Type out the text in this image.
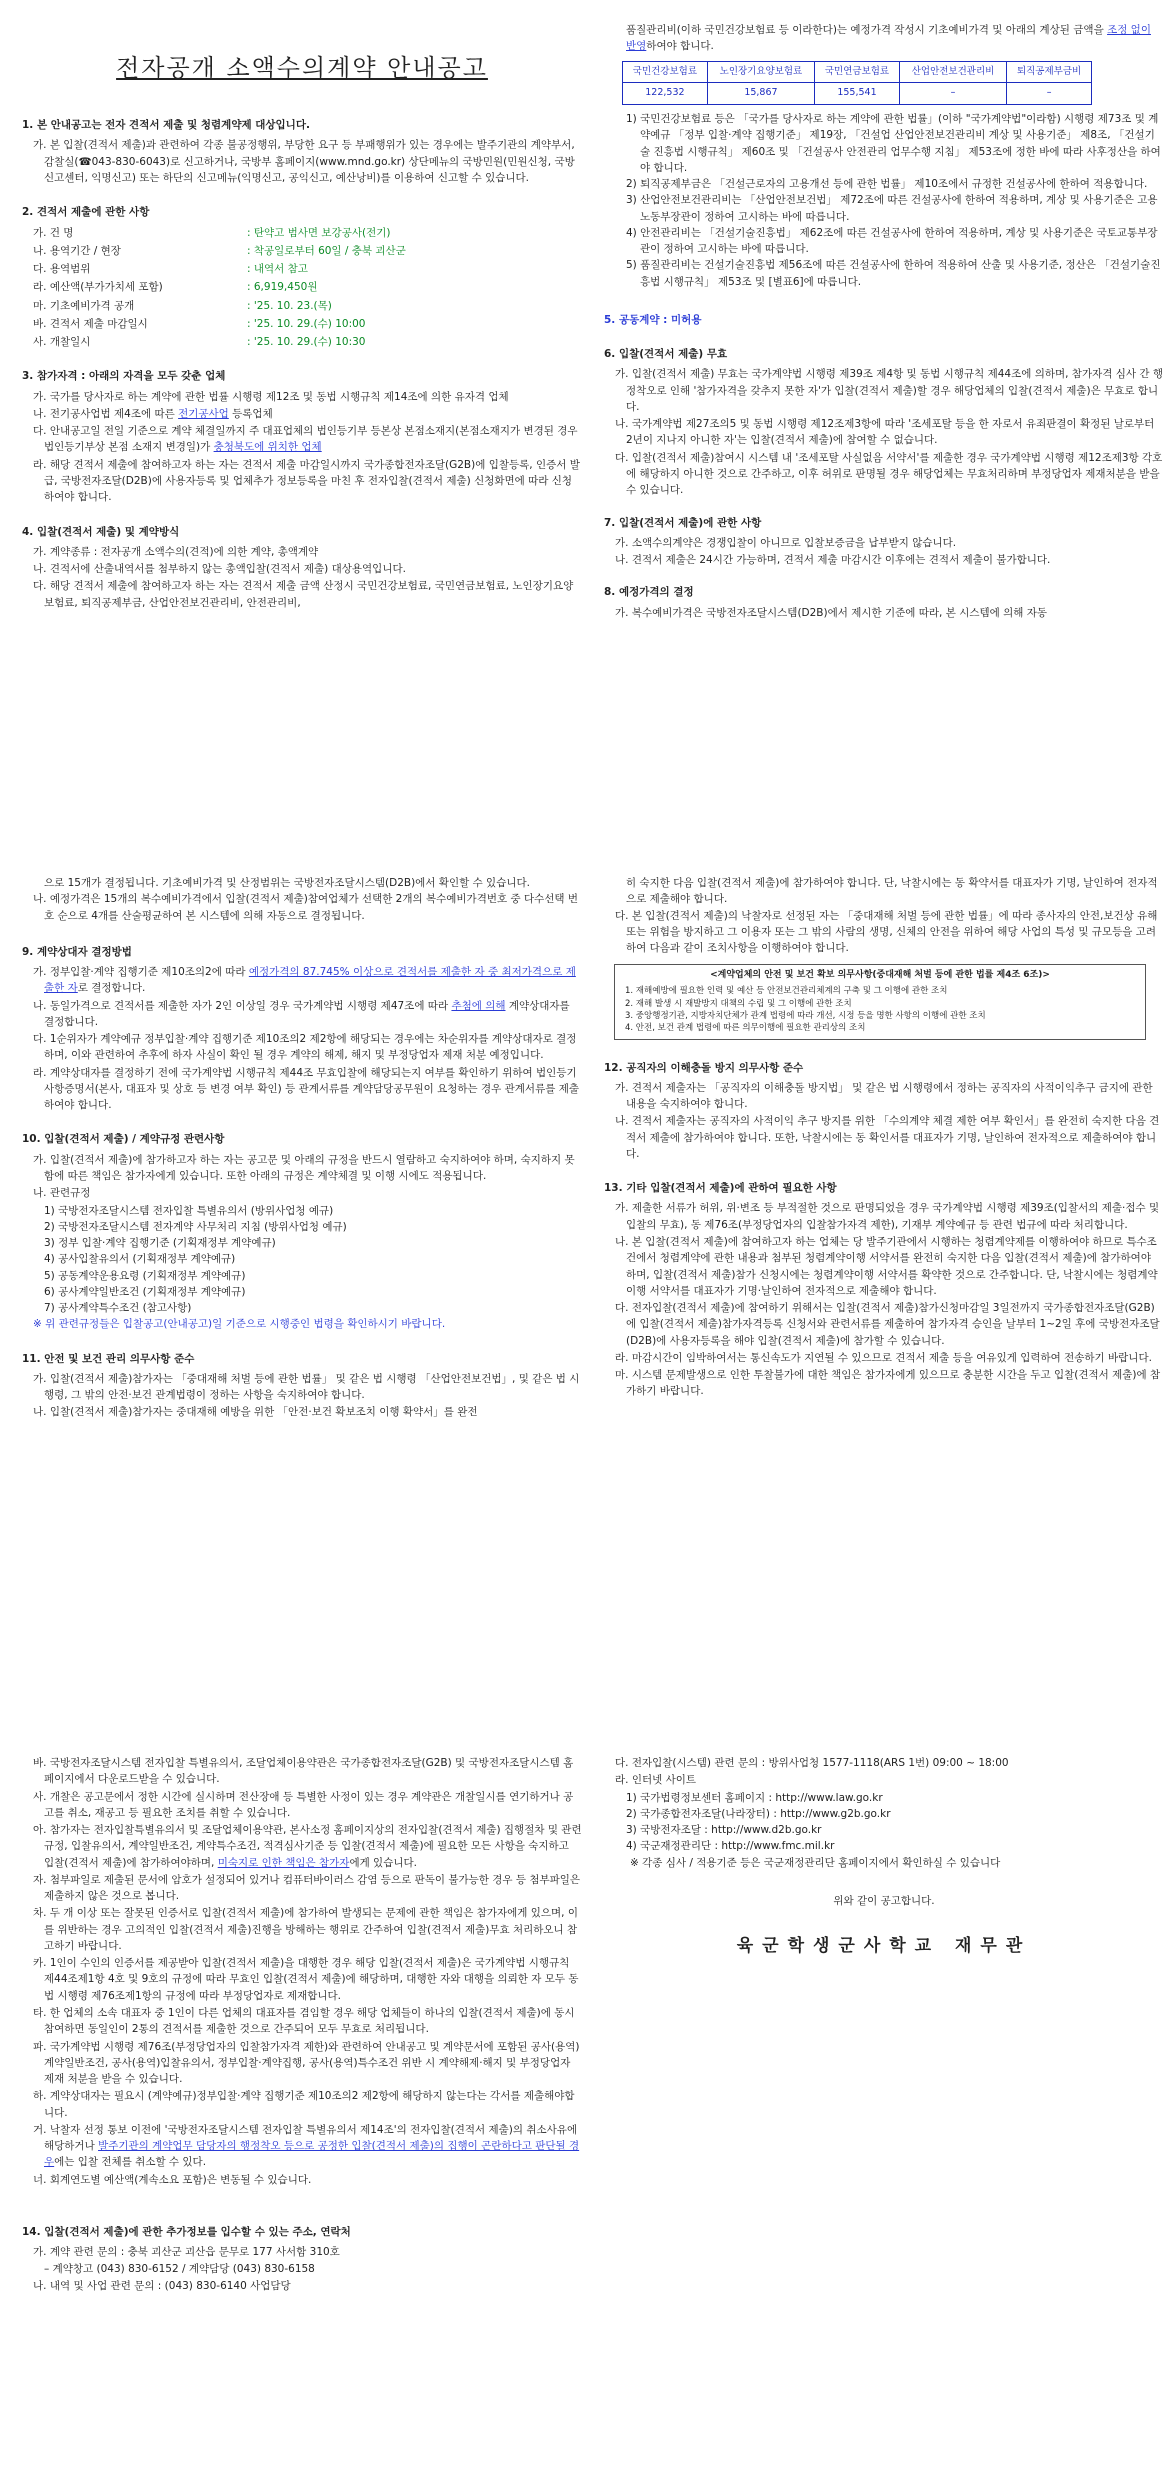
전자공개 소액수의계약 안내공고
1. 본 안내공고는 전자 견적서 제출 및 청렴계약제 대상입니다.
가. 본 입찰(견적서 제출)과 관련하여 각종 불공정행위, 부당한 요구 등 부패행위가 있는 경우에는 발주기관의 계약부서, 감찰실(☎043-830-6043)로 신고하거나, 국방부 홈페이지(www.mnd.go.kr) 상단메뉴의 국방민원(민원신청, 국방신고센터, 익명신고) 또는 하단의 신고메뉴(익명신고, 공익신고, 예산낭비)를 이용하여 신고할 수 있습니다.
2. 견적서 제출에 관한 사항
가. 건 명	: 탄약고 범사면 보강공사(전기)
나. 용역기간 / 현장	: 착공일로부터 60일 / 충북 괴산군
다. 용역범위	: 내역서 참고
라. 예산액(부가가치세 포함)	: 6,919,450원
마. 기초예비가격 공개	: '25. 10. 23.(목)
바. 견적서 제출 마감일시	: '25. 10. 29.(수) 10:00
사. 개찰일시	: '25. 10. 29.(수) 10:30
3. 참가자격 : 아래의 자격을 모두 갖춘 업체
가. 국가를 당사자로 하는 계약에 관한 법률 시행령 제12조 및 동법 시행규칙 제14조에 의한 유자격 업체
나. 전기공사업법 제4조에 따른 전기공사업 등록업체
다. 안내공고일 전일 기준으로 계약 체결일까지 주 대표업체의 법인등기부 등본상 본점소재지(본점소재지가 변경된 경우 법인등기부상 본점 소재지 변경일)가 충청북도에 위치한 업체
라. 해당 견적서 제출에 참여하고자 하는 자는 견적서 제출 마감일시까지 국가종합전자조달(G2B)에 입찰등록, 인증서 발급, 국방전자조달(D2B)에 사용자등록 및 업체추가 정보등록을 마친 후 전자입찰(견적서 제출) 신청화면에 따라 신청하여야 합니다.
4. 입찰(견적서 제출) 및 계약방식
가. 계약종류 : 전자공개 소액수의(견적)에 의한 계약, 총액계약
나. 견적서에 산출내역서를 첨부하지 않는 총액입찰(견적서 제출) 대상용역입니다.
다. 해당 견적서 제출에 참여하고자 하는 자는 견적서 제출 금액 산정시 국민건강보험료, 국민연금보험료, 노인장기요양보험료, 퇴직공제부금, 산업안전보건관리비, 안전관리비,
품질관리비(이하 국민건강보험료 등 이라한다)는 예정가격 작성시 기초예비가격 및 아래의 계상된 금액을 조정 없이 반영하여야 합니다.
국민건강보험료	노인장기요양보험료	국민연금보험료	산업안전보건관리비	퇴직공제부금비
122,532	15,867	155,541	–	–
1) 국민건강보험료 등은 「국가를 당사자로 하는 계약에 관한 법률」(이하 "국가계약법"이라함) 시행령 제73조 및 계약예규 「정부 입찰·계약 집행기준」 제19장, 「건설업 산업안전보건관리비 계상 및 사용기준」 제8조, 「건설기술 진흥법 시행규칙」 제60조 및 「건설공사 안전관리 업무수행 지침」 제53조에 정한 바에 따라 사후정산을 하여야 합니다.
2) 퇴직공제부금은 「건설근로자의 고용개선 등에 관한 법률」 제10조에서 규정한 건설공사에 한하여 적용합니다.
3) 산업안전보건관리비는 「산업안전보건법」 제72조에 따른 건설공사에 한하여 적용하며, 계상 및 사용기준은 고용노동부장관이 정하여 고시하는 바에 따릅니다.
4) 안전관리비는 「건설기술진흥법」 제62조에 따른 건설공사에 한하여 적용하며, 계상 및 사용기준은 국토교통부장관이 정하여 고시하는 바에 따릅니다.
5) 품질관리비는 건설기술진흥법 제56조에 따른 건설공사에 한하여 적용하여 산출 및 사용기준, 정산은 「건설기술진흥법 시행규칙」 제53조 및 [별표6]에 따릅니다.
5. 공동계약 : 미허용
6. 입찰(견적서 제출) 무효
가. 입찰(견적서 제출) 무효는 국가계약법 시행령 제39조 제4항 및 동법 시행규칙 제44조에 의하며, 참가자격 심사 간 행정착오로 인해 '참가자격을 갖추지 못한 자'가 입찰(견적서 제출)할 경우 해당업체의 입찰(견적서 제출)은 무효로 합니다.
나. 국가계약법 제27조의5 및 동법 시행령 제12조제3항에 따라 '조세포탈 등을 한 자로서 유죄판결이 확정된 날로부터 2년이 지나지 아니한 자'는 입찰(견적서 제출)에 참여할 수 없습니다.
다. 입찰(견적서 제출)참여시 시스템 내 '조세포탈 사실없음 서약서'를 제출한 경우 국가계약법 시행령 제12조제3항 각호에 해당하지 아니한 것으로 간주하고, 이후 허위로 판명될 경우 해당업체는 무효처리하며 부정당업자 제재처분을 받을 수 있습니다.
7. 입찰(견적서 제출)에 관한 사항
가. 소액수의계약은 경쟁입찰이 아니므로 입찰보증금을 납부받지 않습니다.
나. 견적서 제출은 24시간 가능하며, 견적서 제출 마감시간 이후에는 견적서 제출이 불가합니다.
8. 예정가격의 결정
가. 복수예비가격은 국방전자조달시스템(D2B)에서 제시한 기준에 따라, 본 시스템에 의해 자동
으로 15개가 결정됩니다. 기초예비가격 및 산정범위는 국방전자조달시스템(D2B)에서 확인할 수 있습니다.
나. 예정가격은 15개의 복수예비가격에서 입찰(견적서 제출)참여업체가 선택한 2개의 복수예비가격번호 중 다수선택 번호 순으로 4개를 산술평균하여 본 시스템에 의해 자동으로 결정됩니다.
9. 계약상대자 결정방법
가. 정부입찰·계약 집행기준 제10조의2에 따라 예정가격의 87.745% 이상으로 견적서를 제출한 자 중 최저가격으로 제출한 자로 결정합니다.
나. 동일가격으로 견적서를 제출한 자가 2인 이상일 경우 국가계약법 시행령 제47조에 따라 추첨에 의해 계약상대자를 결정합니다.
다. 1순위자가 계약예규 정부입찰·계약 집행기준 제10조의2 제2항에 해당되는 경우에는 차순위자를 계약상대자로 결정하며, 이와 관련하여 추후에 하자 사실이 확인 될 경우 계약의 해제, 해지 및 부정당업자 제재 처분 예정입니다.
라. 계약상대자를 결정하기 전에 국가계약법 시행규칙 제44조 무효입찰에 해당되는지 여부를 확인하기 위하여 법인등기사항증명서(본사, 대표자 및 상호 등 변경 여부 확인) 등 관계서류를 계약담당공무원이 요청하는 경우 관계서류를 제출하여야 합니다.
10. 입찰(견적서 제출) / 계약규정 관련사항
가. 입찰(견적서 제출)에 참가하고자 하는 자는 공고문 및 아래의 규정을 반드시 열람하고 숙지하여야 하며, 숙지하지 못함에 따른 책임은 참가자에게 있습니다. 또한 아래의 규정은 계약체결 및 이행 시에도 적용됩니다.
나. 관련규정
1) 국방전자조달시스템 전자입찰 특별유의서 (방위사업청 예규)
2) 국방전자조달시스템 전자계약 사무처리 지침 (방위사업청 예규)
3) 정부 입찰·계약 집행기준 (기획재정부 계약예규)
4) 공사입찰유의서 (기획재정부 계약예규)
5) 공동계약운용요령 (기획재정부 계약예규)
6) 공사계약일반조건 (기획재정부 계약예규)
7) 공사계약특수조건 (참고사항)
※ 위 관련규정들은 입찰공고(안내공고)일 기준으로 시행중인 법령을 확인하시기 바랍니다.
11. 안전 및 보건 관리 의무사항 준수
가. 입찰(견적서 제출)참가자는 「중대재해 처벌 등에 관한 법률」 및 같은 법 시행령 「산업안전보건법」, 및 같은 법 시행령, 그 밖의 안전·보건 관계법령이 정하는 사항을 숙지하여야 합니다.
나. 입찰(견적서 제출)참가자는 중대재해 예방을 위한 「안전·보건 확보조치 이행 확약서」를 완전
히 숙지한 다음 입찰(견적서 제출)에 참가하여야 합니다. 단, 낙찰시에는 동 확약서를 대표자가 기명, 날인하여 전자적으로 제출해야 합니다.
다. 본 입찰(견적서 제출)의 낙찰자로 선정된 자는 「중대재해 처벌 등에 관한 법률」에 따라 종사자의 안전,보건상 유해 또는 위험을 방지하고 그 이용자 또는 그 밖의 사람의 생명, 신체의 안전을 위하여 해당 사업의 특성 및 규모등을 고려하여 다음과 같이 조치사항을 이행하여야 합니다.
<계약업체의 안전 및 보건 확보 의무사항(중대재해 처벌 등에 관한 법률 제4조 6조)>
1. 재해예방에 필요한 인력 및 예산 등 안전보건관리체계의 구축 및 그 이행에 관한 조치
2. 재해 발생 시 재발방지 대책의 수립 및 그 이행에 관한 조치
3. 중앙행정기관, 지방자치단체가 관계 법령에 따라 개선, 시정 등을 명한 사항의 이행에 관한 조치
4. 안전, 보건 관계 법령에 따른 의무이행에 필요한 관리상의 조치
12. 공직자의 이해충돌 방지 의무사항 준수
가. 견적서 제출자는 「공직자의 이해충돌 방지법」 및 같은 법 시행령에서 정하는 공직자의 사적이익추구 금지에 관한 내용을 숙지하여야 합니다.
나. 견적서 제출자는 공직자의 사적이익 추구 방지를 위한 「수의계약 체결 제한 여부 확인서」를 완전히 숙지한 다음 견적서 제출에 참가하여야 합니다. 또한, 낙찰시에는 동 확인서를 대표자가 기명, 날인하여 전자적으로 제출하여야 합니다.
13. 기타 입찰(견적서 제출)에 관하여 필요한 사항
가. 제출한 서류가 허위, 위·변조 등 부적절한 것으로 판명되었을 경우 국가계약법 시행령 제39조(입찰서의 제출·접수 및 입찰의 무효), 동 제76조(부정당업자의 입찰참가자격 제한), 기재부 계약예규 등 관련 법규에 따라 처리합니다.
나. 본 입찰(견적서 제출)에 참여하고자 하는 업체는 당 발주기관에서 시행하는 청렴계약제를 이행하여야 하므로 특수조건에서 청렴계약에 관한 내용과 첨부된 청렴계약이행 서약서를 완전히 숙지한 다음 입찰(견적서 제출)에 참가하여야 하며, 입찰(견적서 제출)참가 신청시에는 청렴계약이행 서약서를 확약한 것으로 간주합니다. 단, 낙찰시에는 청렴계약이행 서약서를 대표자가 기명·날인하여 전자적으로 제출해야 합니다.
다. 전자입찰(견적서 제출)에 참여하기 위해서는 입찰(견적서 제출)참가신청마감일 3일전까지 국가종합전자조달(G2B)에 입찰(견적서 제출)참가자격등록 신청서와 관련서류를 제출하여 참가자격 승인을 날부터 1~2일 후에 국방전자조달(D2B)에 사용자등록을 해야 입찰(견적서 제출)에 참가할 수 있습니다.
라. 마감시간이 임박하여서는 통신속도가 지연될 수 있으므로 견적서 제출 등을 여유있게 입력하여 전송하기 바랍니다.
마. 시스템 문제발생으로 인한 투찰불가에 대한 책임은 참가자에게 있으므로 충분한 시간을 두고 입찰(견적서 제출)에 참가하기 바랍니다.
바. 국방전자조달시스템 전자입찰 특별유의서, 조달업체이용약관은 국가종합전자조달(G2B) 및 국방전자조달시스템 홈페이지에서 다운로드받을 수 있습니다.
사. 개찰은 공고문에서 정한 시간에 실시하며 전산장애 등 특별한 사정이 있는 경우 계약관은 개찰일시를 연기하거나 공고를 취소, 재공고 등 필요한 조치를 취할 수 있습니다.
아. 참가자는 전자입찰특별유의서 및 조달업체이용약관, 본사소정 홈페이지상의 전자입찰(견적서 제출) 집행절차 및 관련규정, 입찰유의서, 계약일반조건, 계약특수조건, 적격심사기준 등 입찰(견적서 제출)에 필요한 모든 사항을 숙지하고 입찰(견적서 제출)에 참가하여야하며, 미숙지로 인한 책임은 참가자에게 있습니다.
자. 첨부파일로 제출된 문서에 암호가 설정되어 있거나 컴퓨터바이러스 감염 등으로 판독이 불가능한 경우 등 첨부파일은 제출하지 않은 것으로 봅니다.
차. 두 개 이상 또는 잘못된 인증서로 입찰(견적서 제출)에 참가하여 발생되는 문제에 관한 책임은 참가자에게 있으며, 이를 위반하는 경우 고의적인 입찰(견적서 제출)진행을 방해하는 행위로 간주하여 입찰(견적서 제출)무효 처리하오니 참고하기 바랍니다.
카. 1인이 수인의 인증서를 제공받아 입찰(견적서 제출)을 대행한 경우 해당 입찰(견적서 제출)은 국가계약법 시행규칙 제44조제1항 4호 및 9호의 규정에 따라 무효인 입찰(견적서 제출)에 해당하며, 대행한 자와 대행을 의뢰한 자 모두 동법 시행령 제76조제1항의 규정에 따라 부정당업자로 제재합니다.
타. 한 업체의 소속 대표자 중 1인이 다른 업체의 대표자를 겸임할 경우 해당 업체들이 하나의 입찰(견적서 제출)에 동시 참여하면 동일인이 2통의 견적서를 제출한 것으로 간주되어 모두 무효로 처리됩니다.
파. 국가계약법 시행령 제76조(부정당업자의 입찰참가자격 제한)와 관련하여 안내공고 및 계약문서에 포함된 공사(용역)계약일반조건, 공사(용역)입찰유의서, 정부입찰·계약집행, 공사(용역)특수조건 위반 시 계약해제·해지 및 부정당업자 제재 처분을 받을 수 있습니다.
하. 계약상대자는 필요시 (계약예규)정부입찰·계약 집행기준 제10조의2 제2항에 해당하지 않는다는 각서를 제출해야합니다.
거. 낙찰자 선정 통보 이전에 '국방전자조달시스템 전자입찰 특별유의서 제14조'의 전자입찰(견적서 제출)의 취소사유에 해당하거나 발주기관의 계약업무 담당자의 행정착오 등으로 공정한 입찰(견적서 제출)의 집행이 곤란하다고 판단될 경우에는 입찰 전체를 취소할 수 있다.
너. 회계연도별 예산액(계속소요 포함)은 변동될 수 있습니다.
14. 입찰(견적서 제출)에 관한 추가정보를 입수할 수 있는 주소, 연락처
가. 계약 관련 문의 : 충북 괴산군 괴산읍 문무로 177 사서함 310호
– 계약창고 (043) 830-6152 / 계약담당 (043) 830-6158
나. 내역 및 사업 관련 문의 : (043) 830-6140 사업담당
다. 전자입찰(시스템) 관련 문의 : 방위사업청 1577-1118(ARS 1번) 09:00 ~ 18:00
라. 인터넷 사이트
1) 국가법령정보센터 홈페이지 : http://www.law.go.kr
2) 국가종합전자조달(나라장터) : http://www.g2b.go.kr
3) 국방전자조달 : http://www.d2b.go.kr
4) 국군재정관리단 : http://www.fmc.mil.kr
※ 각종 심사 / 적용기준 등은 국군재정관리단 홈페이지에서 확인하실 수 있습니다
위와 같이 공고합니다.
육군학생군사학교 재무관
